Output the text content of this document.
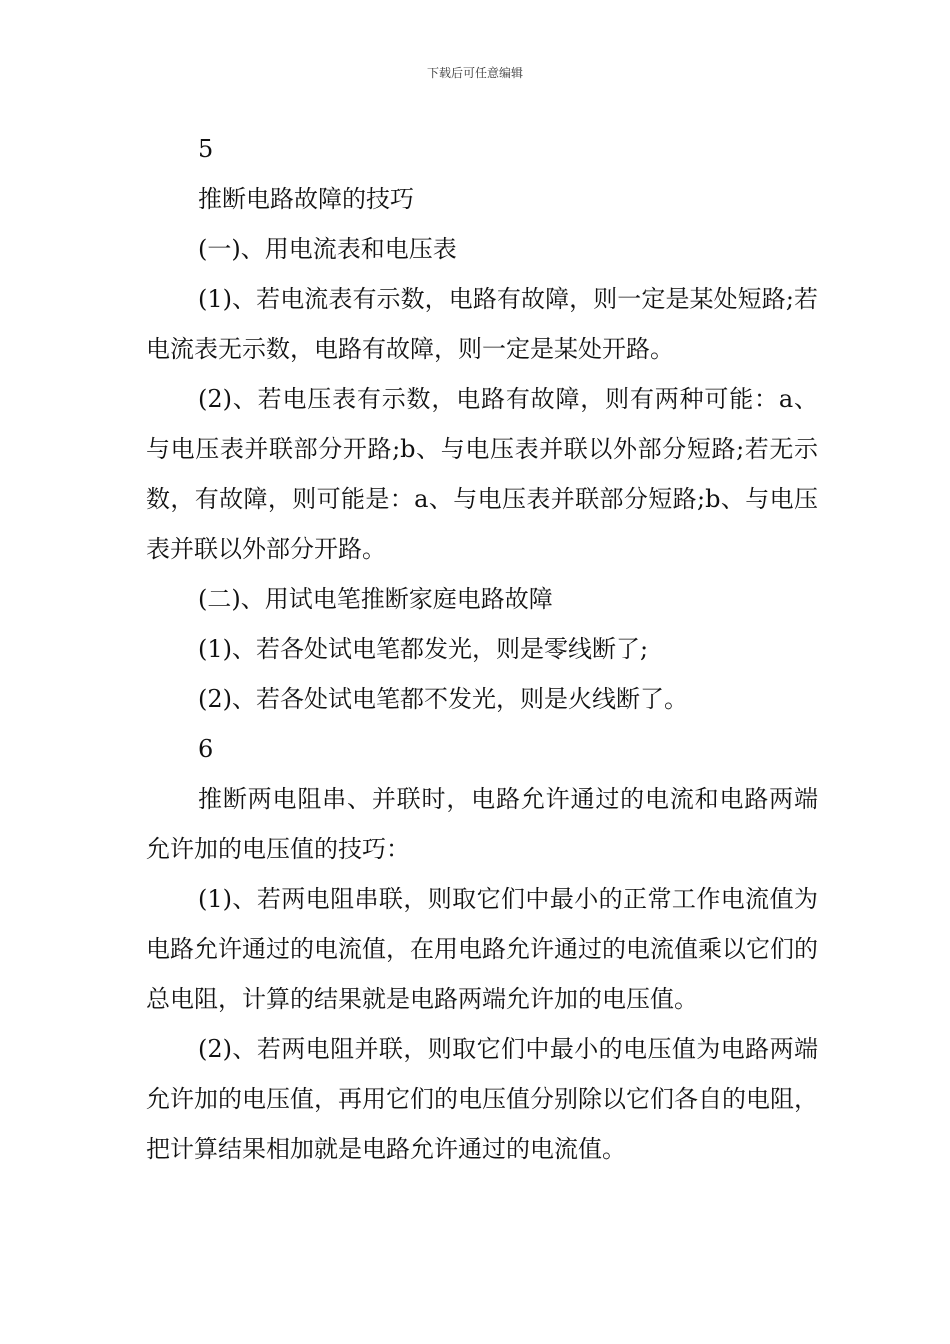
下载后可任意编辑

5

推断电路故障的技巧

(一)、用电流表和电压表

(1)、若电流表有示数，电路有故障，则一定是某处短路;若电流表无示数，电路有故障，则一定是某处开路。

(2)、若电压表有示数，电路有故障，则有两种可能：a、与电压表并联部分开路;b、与电压表并联以外部分短路;若无示数，有故障，则可能是：a、与电压表并联部分短路;b、与电压表并联以外部分开路。

(二)、用试电笔推断家庭电路故障

(1)、若各处试电笔都发光，则是零线断了;

(2)、若各处试电笔都不发光，则是火线断了。

6

推断两电阻串、并联时，电路允许通过的电流和电路两端允许加的电压值的技巧：

(1)、若两电阻串联，则取它们中最小的正常工作电流值为电路允许通过的电流值，在用电路允许通过的电流值乘以它们的总电阻，计算的结果就是电路两端允许加的电压值。

(2)、若两电阻并联，则取它们中最小的电压值为电路两端允许加的电压值，再用它们的电压值分别除以它们各自的电阻，把计算结果相加就是电路允许通过的电流值。
